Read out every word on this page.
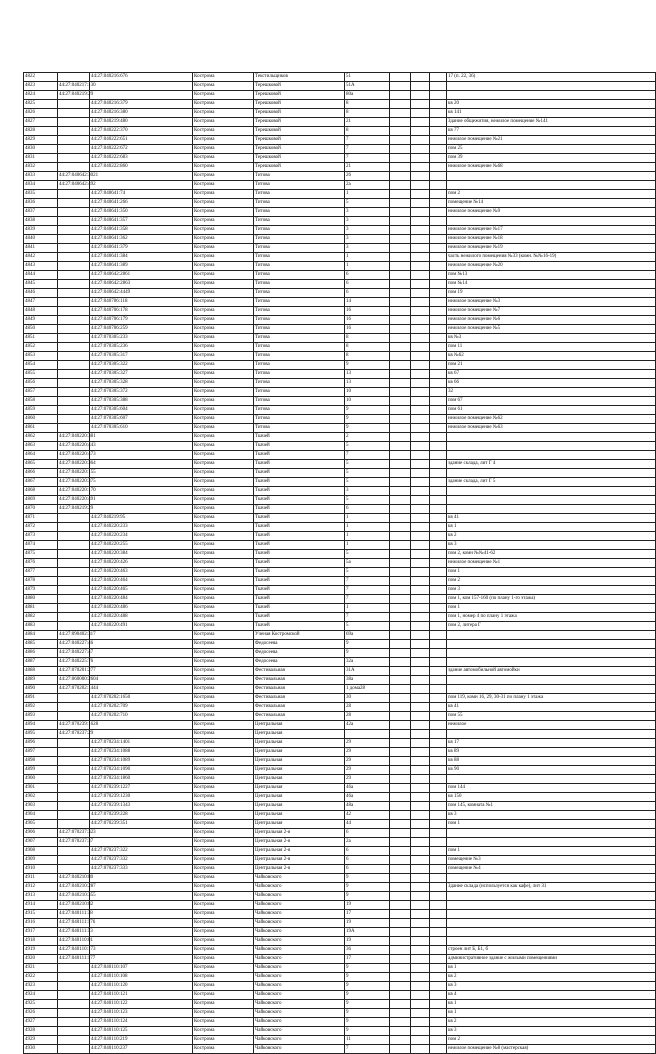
4822		44:27:040216:676	Кострома	Текстильщиков	51				17 (п. 22, 36)
4823	44:27:040217:130		Кострома	Терешковой	51А				
4824	44:27:040219:29		Кострома	Терешковой	80а				
4825		44:27:040216:379	Кострома	Терешковой	8				кв 20
4826		44:27:040216:380	Кострома	Терешковой	8				кв 141
4827		44:27:040219:480	Кострома	Терешковой	21				Здание общежития, нежилое помещение №141
4828		44:27:040222:370	Кострома	Терешковой	8				кв 77
4829		44:27:040222:651	Кострома	Терешковой	7				нежилое помещение №21
4830		44:27:040222:672	Кострома	Терешковой	7				пом 25
4831		44:27:040222:683	Кострома	Терешковой	7				пом 39
4832		44:27:040222:860	Кострома	Терешковой	21				нежилое помещение №68
4833	44:27:040642:3021		Кострома	Титова	26				
4834	44:27:040642:492		Кострома	Титова	2а				
4835		44:27:040641:74	Кострома	Титова	1				пом 2
4836		44:27:040641:266	Кострома	Титова	5				помещение №14
4837		44:27:040641:350	Кострома	Титова	3				нежилое помещение №9
4838		44:27:040641:357	Кострома	Титова	3				
4839		44:27:040641:358	Кострома	Титова	3				нежилое помещение №17
4840		44:27:040641:362	Кострома	Титова	3				нежилое помещение №18
4841		44:27:040641:379	Кострома	Титова	3				нежилое помещение №19
4842		44:27:040641:384	Кострома	Титова	1				часть нежилого помещения №33 (комн. №№16-19)
4843		44:27:040641:389	Кострома	Титова	1				нежилое помещение №20
4844		44:27:040642:2861	Кострома	Титова	6				пом №13
4845		44:27:040642:2863	Кострома	Титова	6				пом №14
4846		44:27:040642:4449	Кострома	Титова	6				пом 19
4847		44:27:040706:118	Кострома	Титова	14				нежилое помещение №3
4848		44:27:040706:178	Кострома	Титова	16				нежилое помещение №7
4849		44:27:040706:179	Кострома	Титова	16				нежилое помещение №6
4850		44:27:040706:259	Кострома	Титова	16				нежилое помещение №5
4851		44:27:070305:233	Кострома	Титова	8				кв №3
4852		44:27:070305:236	Кострома	Титова	8				пом 11
4853		44:27:070305:317	Кострома	Титова	8				кв №62
4854		44:27:070305:322	Кострома	Титова	9				пом 21
4855		44:27:070305:327	Кострома	Титова	13				кв 67
4856		44:27:070305:328	Кострома	Титова	13				кв 66
4857		44:27:070305:372	Кострома	Титова	10				32
4858		44:27:070305:388	Кострома	Титова	10				пом 67
4859		44:27:070305:604	Кострома	Титова	9				пом 61
4860		44:27:070305:607	Кострома	Титова	9				нежилое помещение №62
4861		44:27:070305:610	Кострома	Титова	9				нежилое помещение №63
4862	44:27:040220:381		Кострома	Ткачей	2				
4863	44:27:040220:443		Кострома	Ткачей	5				
4864	44:27:040220:473		Кострома	Ткачей	7				
4865	44:27:040220:364		Кострома	Ткачей	5				здание склада, лит Г 4
4866	44:27:040220:155		Кострома	Ткачей	5				
4867	44:27:040220:375		Кострома	Ткачей	5				здание склада, лит Г 5
4868	44:27:040220:170		Кострома	Ткачей	3				
4869	44:27:040220:491		Кострома	Ткачей	5				
4870	44:27:040219:29		Кострома	Ткачей	6				
4871		44:27:040219:95	Кострома	Ткачей	1				кв 41
4872		44:27:040220:233	Кострома	Ткачей	1				кв 1
4873		44:27:040220:234	Кострома	Ткачей	1				кв 2
4874		44:27:040220:255	Кострома	Ткачей	1				кв 3
4875		44:27:040220:384	Кострома	Ткачей	5				пом 2, комн №№41-62
4876		44:27:040220:426	Кострома	Ткачей	5а				нежилое помещение №1
4877		44:27:040220:463	Кострома	Ткачей	5				пом 1
4878		44:27:040220:464	Кострома	Ткачей	7				пом 2
4879		44:27:040220:465	Кострома	Ткачей	7				пом 3
4880		44:27:040220:484	Кострома	Ткачей	7				пом 1, ком 157-160 (по плану 1-го этажа)
4881		44:27:040220:486	Кострома	Ткачей	1				пом 1
4882		44:27:040220:488	Кострома	Ткачей	7				пом 1, номер 4 по плану 1 этажа
4883		44:27:040220:491	Кострома	Ткачей	5				пом 2, литера Г
4884	44:27:090402:317		Кострома	Ученая Костромской	69а				
4885	44:27:040227:46		Кострома	Федосеева	9				
4886	44:27:040227:47		Кострома	Федосеева	9				
4887	44:27:040225:76		Кострома	Федосеева	32а				
4888	44:27:070201:277		Кострома	Фестивальная	31А				здание автомобильной автомойки
4889	44:27:060000:2604		Кострома	Фестивальная	38а				
4890	44:27:070202:1444		Кострома	Фестивальная	1 дома28				
4891		44:27:070202:1650	Кострома	Фестивальная	30				пом 119, комн 16, 29, 30-31 по плану 1 этажа
4892		44:27:070202:709	Кострома	Фестивальная	28				кв 41
4893		44:27:070202:710	Кострома	Фестивальная	28				пом 55
4894	44:27:070239:1628		Кострома	Центральная	42а				нежилое
4895	44:27:070237:29		Кострома	Центральная					
4896		44:27:070234:1401	Кострома	Центральная	29				кв 17
4897		44:27:070234:1088	Кострома	Центральная	29				кв 89
4898		44:27:070234:1089	Кострома	Центральная	29				кв 88
4899		44:27:070234:1090	Кострома	Центральная	29				кв 90
4900		44:27:070234:1860	Кострома	Центральная	29				
4901		44:27:070239:1227	Кострома	Центральная	46а				пом 144
4902		44:27:070239:1230	Кострома	Центральная	46а				кв 150
4903		44:27:070239:1343	Кострома	Центральная	48а				пом 145, комната №1
4904		44:27:070239:228	Кострома	Центральная	42				кв 3
4905		44:27:070239:351	Кострома	Центральная	44				пом 1
4906	44:27:070237:323		Кострома	Центральная 2-я	6				
4907	44:27:070237:37		Кострома	Центральная 2-я	2а				
4908		44:27:070237:322	Кострома	Центральная 2-я	6				пом 1
4909		44:27:070237:332	Кострома	Центральная 2-я	6				помещение №3
4910		44:27:070237:333	Кострома	Центральная 2-я	6				помещение №4
4911	44:27:040210:80		Кострома	Чайковского	9				
4912	44:27:040210:287		Кострома	Чайковского	9				Здание склада (используется как кафе), лит З1
4913	44:27:040210:355		Кострома	Чайковского	9				
4914	44:27:040210:82		Кострома	Чайковского	19				
4915	44:27:040111:38		Кострома	Чайковского	17				
4916	44:27:040111:176		Кострома	Чайковского	19				
4917	44:27:040111:53		Кострома	Чайковского	19А				
4918	44:27:040110:81		Кострома	Чайковского	19				
4919	44:27:040110:173		Кострома	Чайковского	36				строен лит Б, Б1, б
4920	44:27:040111:177		Кострома	Чайковского	17				административное здание с жилыми помещениями
4921		44:27:040110:107	Кострома	Чайковского	9				кв 1
4922		44:27:040110:108	Кострома	Чайковского	9				кв 2
4923		44:27:040110:120	Кострома	Чайковского	9				кв 3
4924		44:27:040110:121	Кострома	Чайковского	9				кв 4
4925		44:27:040110:122	Кострома	Чайковского	9				кв 1
4926		44:27:040110:123	Кострома	Чайковского	9				кв 1
4927		44:27:040110:124	Кострома	Чайковского	9				кв 2
4928		44:27:040110:125	Кострома	Чайковского	9				кв 3
4929		44:27:040110:219	Кострома	Чайковского	11				пом 2
4930		44:27:040110:237	Кострома	Чайковского	7				нежилое помещение №8 (мастерская)
